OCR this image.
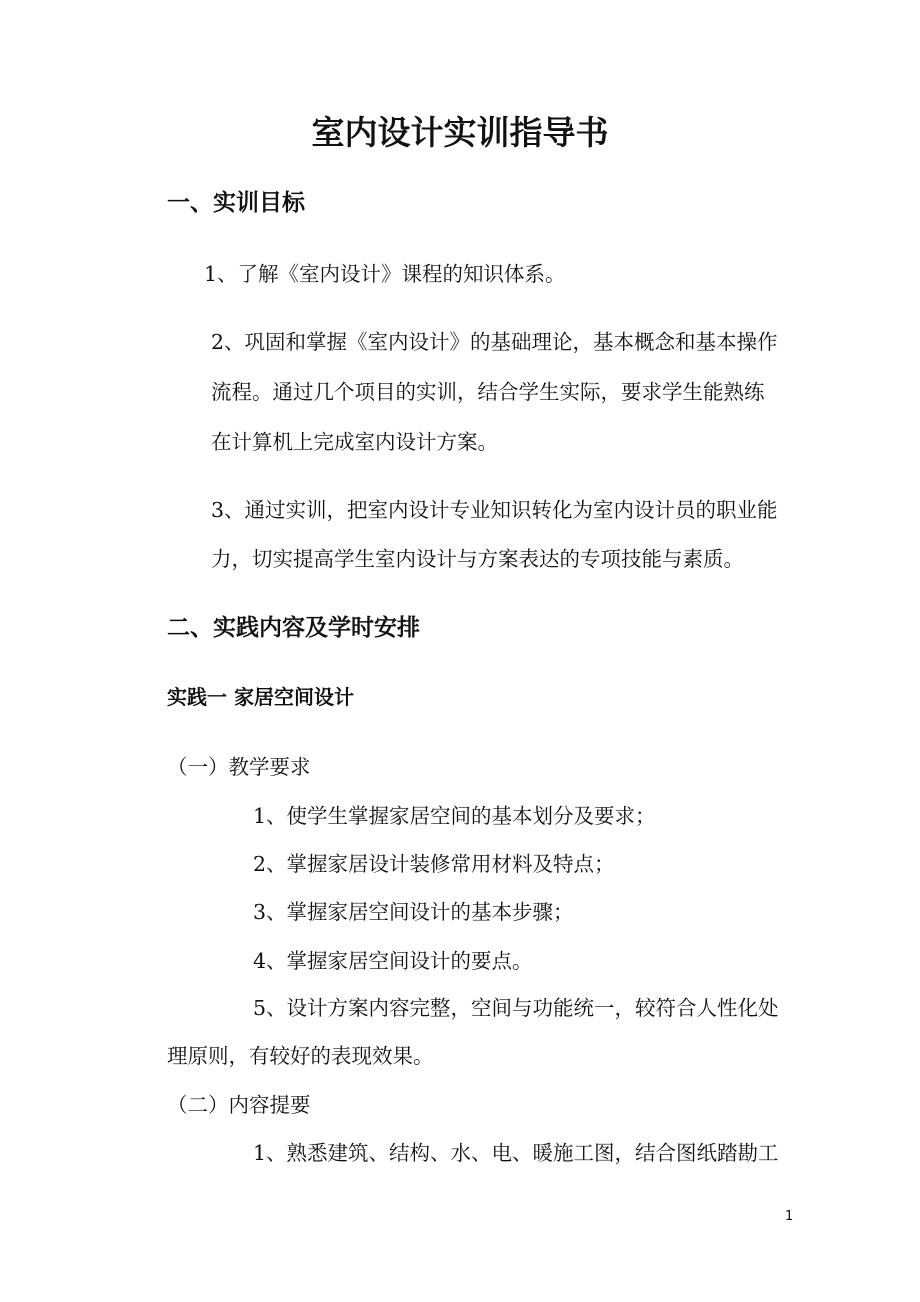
室内设计实训指导书
一、实训目标
1、了解《室内设计》课程的知识体系。
2、巩固和掌握《室内设计》的基础理论，基本概念和基本操作
流程。通过几个项目的实训，结合学生实际，要求学生能熟练
在计算机上完成室内设计方案。
3、通过实训，把室内设计专业知识转化为室内设计员的职业能
力，切实提高学生室内设计与方案表达的专项技能与素质。
二、实践内容及学时安排
实践一 家居空间设计
（一）教学要求
1、使学生掌握家居空间的基本划分及要求；
2、掌握家居设计装修常用材料及特点；
3、掌握家居空间设计的基本步骤；
4、掌握家居空间设计的要点。
5、设计方案内容完整，空间与功能统一，较符合人性化处
理原则，有较好的表现效果。
（二）内容提要
1、熟悉建筑、结构、水、电、暖施工图，结合图纸踏勘工
1
